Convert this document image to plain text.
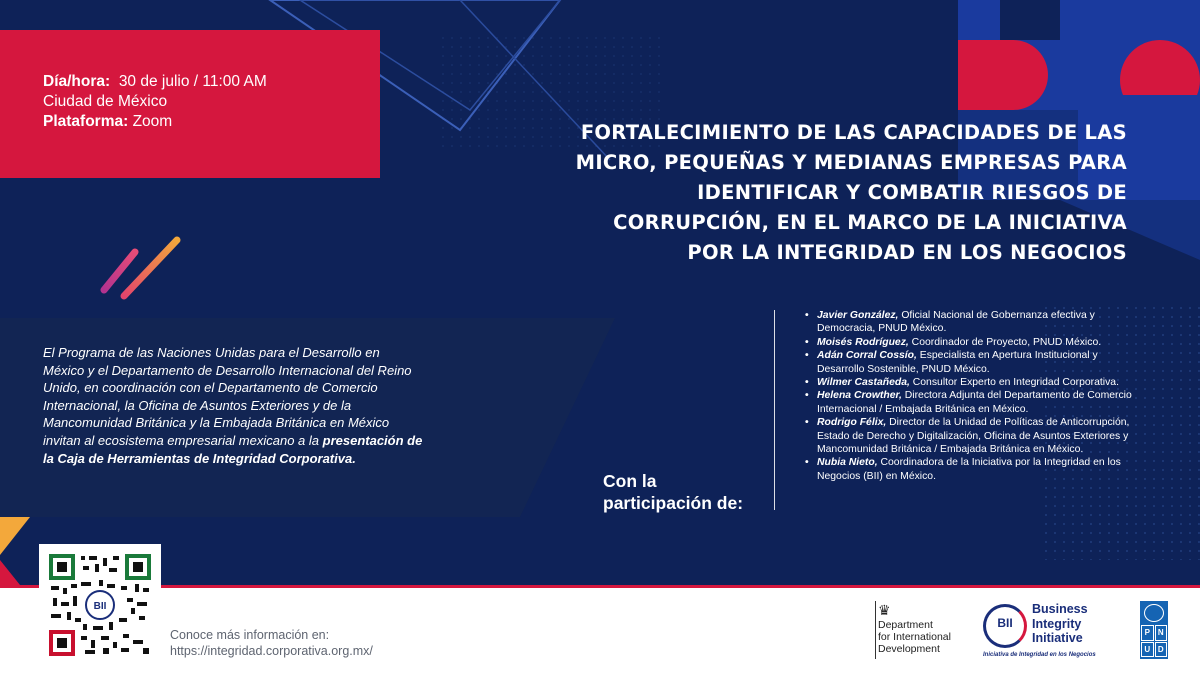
Día/hora: 30 de julio / 11:00 AM
Ciudad de México
Plataforma: Zoom	FORTALECIMIENTO DE LAS CAPACIDADES DE LAS
MICRO, PEQUEÑAS Y MEDIANAS EMPRESAS PARA
IDENTIFICAR Y COMBATIR RIESGOS DE
CORRUPCIÓN, EN EL MARCO DE LA INICIATIVA
POR LA INTEGRIDAD EN LOS NEGOCIOS

El Programa de las Naciones Unidas para el Desarrollo en México y el Departamento de Desarrollo Internacional del Reino Unido, en coordinación con el Departamento de Comercio Internacional, la Oficina de Asuntos Exteriores y de la Mancomunidad Británica y la Embajada Británica en México invitan al ecosistema empresarial mexicano a la presentación de la Caja de Herramientas de Integridad Corporativa.

Con la
participación de:
• Javier González, Oficial Nacional de Gobernanza efectiva y Democracia, PNUD México.
• Moisés Rodríguez, Coordinador de Proyecto, PNUD México.
• Adán Corral Cossío, Especialista en Apertura Institucional y Desarrollo Sostenible, PNUD México.
• Wilmer Castañeda, Consultor Experto en Integridad Corporativa.
• Helena Crowther, Directora Adjunta del Departamento de Comercio Internacional / Embajada Británica en México.
• Rodrigo Félix, Director de la Unidad de Políticas de Anticorrupción, Estado de Derecho y Digitalización, Oficina de Asuntos Exteriores y Mancomunidad Británica / Embajada Británica en México.
• Nubia Nieto, Coordinadora de la Iniciativa por la Integridad en los Negocios (BII) en México.
BII
Conoce más información en:
https://integridad.corporativa.org.mx/
♛
Department
for International
Development
BII
Business
Integrity
Initiative
Iniciativa de Integridad en los Negocios
P N
U D
